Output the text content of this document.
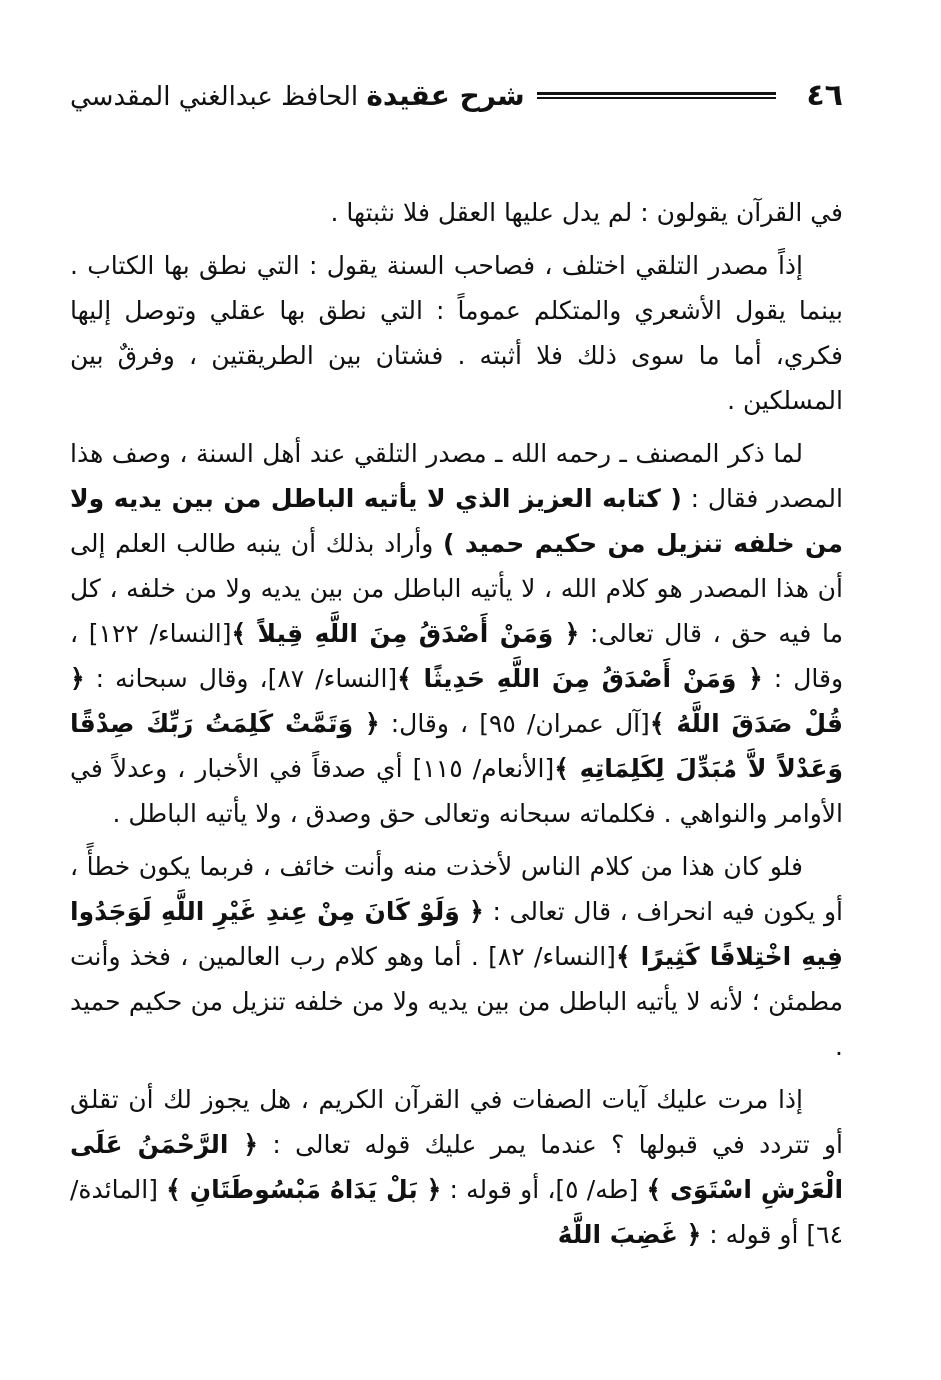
٤٦
شرح عقيدة الحافظ عبدالغني المقدسي

في القرآن يقولون : لم يدل عليها العقل فلا نثبتها .

إذاً مصدر التلقي اختلف ، فصاحب السنة يقول : التي نطق بها الكتاب . بينما يقول الأشعري والمتكلم عموماً : التي نطق بها عقلي وتوصل إليها فكري، أما ما سوى ذلك فلا أثبته . فشتان بين الطريقتين ، وفرقٌ بين المسلكين .

لما ذكر المصنف ـ رحمه الله ـ مصدر التلقي عند أهل السنة ، وصف هذا المصدر فقال : ( كتابه العزيز الذي لا يأتيه الباطل من بين يديه ولا من خلفه تنزيل من حكيم حميد ) وأراد بذلك أن ينبه طالب العلم إلى أن هذا المصدر هو كلام الله ، لا يأتيه الباطل من بين يديه ولا من خلفه ، كل ما فيه حق ، قال تعالى: ﴿ وَمَنْ أَصْدَقُ مِنَ اللَّهِ قِيلاً ﴾[النساء/ ١٢٢] ، وقال : ﴿ وَمَنْ أَصْدَقُ مِنَ اللَّهِ حَدِيثًا ﴾[النساء/ ٨٧]، وقال سبحانه : ﴿ قُلْ صَدَقَ اللَّهُ ﴾[آل عمران/ ٩٥] ، وقال: ﴿ وَتَمَّتْ كَلِمَتُ رَبِّكَ صِدْقًا وَعَدْلاً لاَّ مُبَدِّلَ لِكَلِمَاتِهِ ﴾[الأنعام/ ١١٥] أي صدقاً في الأخبار ، وعدلاً في الأوامر والنواهي . فكلماته سبحانه وتعالى حق وصدق ، ولا يأتيه الباطل .

فلو كان هذا من كلام الناس لأخذت منه وأنت خائف ، فربما يكون خطأً ، أو يكون فيه انحراف ، قال تعالى : ﴿ وَلَوْ كَانَ مِنْ عِندِ غَيْرِ اللَّهِ لَوَجَدُوا فِيهِ اخْتِلافًا كَثِيرًا ﴾[النساء/ ٨٢] . أما وهو كلام رب العالمين ، فخذ وأنت مطمئن ؛ لأنه لا يأتيه الباطل من بين يديه ولا من خلفه تنزيل من حكيم حميد .

إذا مرت عليك آيات الصفات في القرآن الكريم ، هل يجوز لك أن تقلق أو تتردد في قبولها ؟ عندما يمر عليك قوله تعالى : ﴿ الرَّحْمَنُ عَلَى الْعَرْشِ اسْتَوَى ﴾ [طه/ ٥]، أو قوله : ﴿ بَلْ يَدَاهُ مَبْسُوطَتَانِ ﴾ [المائدة/ ٦٤] أو قوله : ﴿ غَضِبَ اللَّهُ
